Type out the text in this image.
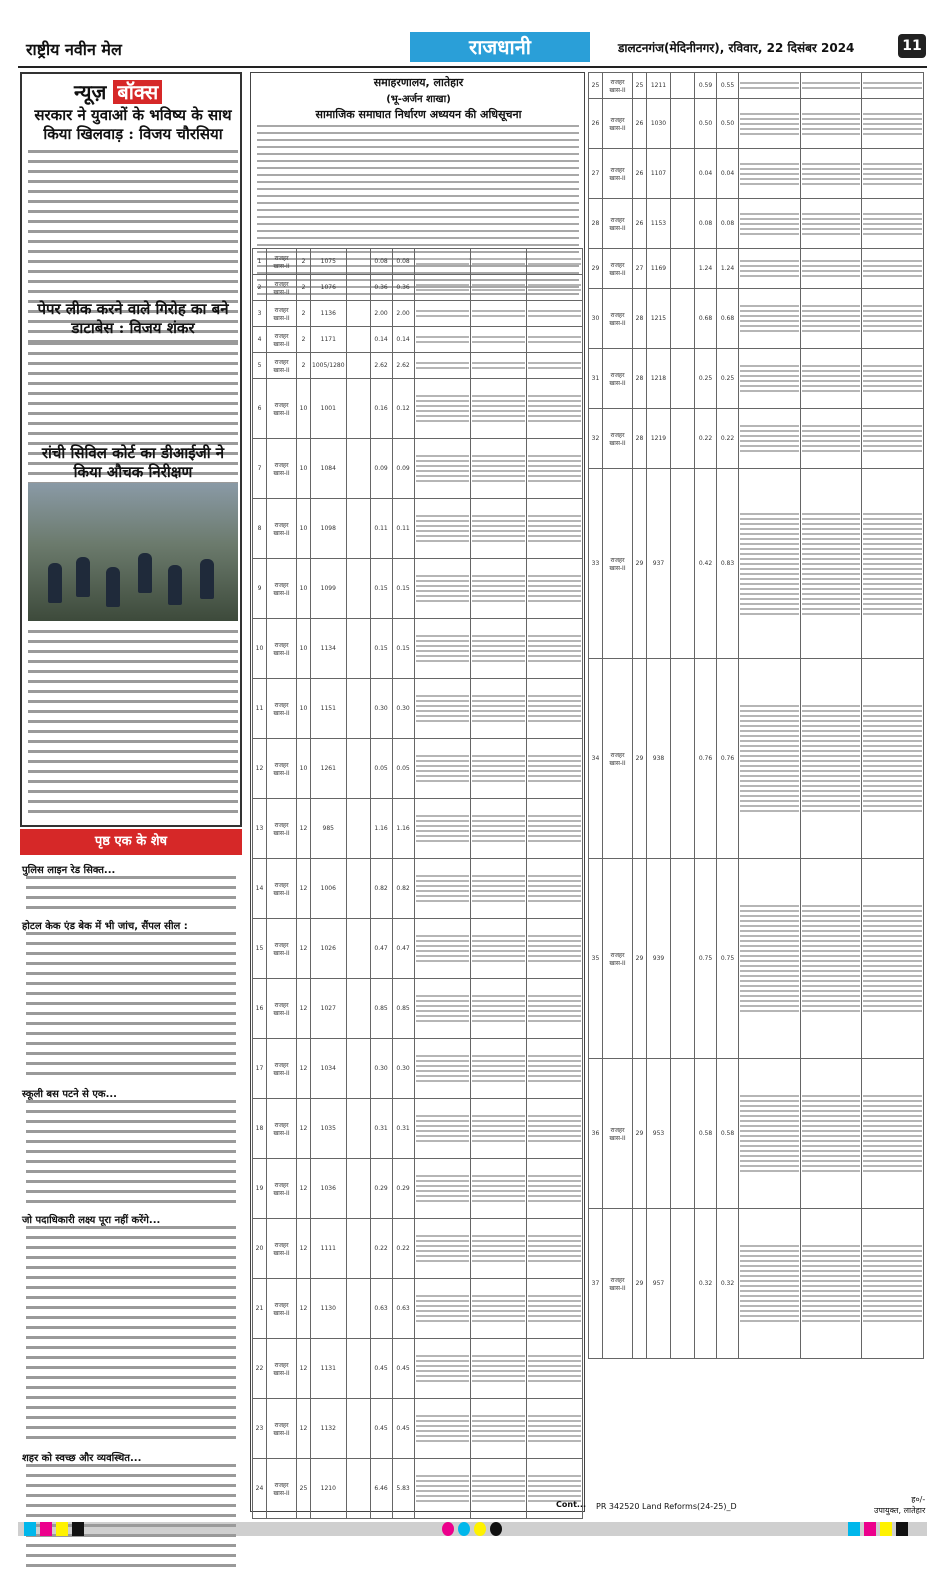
राष्ट्रीय नवीन मेल	राजधानी	डालटनगंज(मेदिनीनगर), रविवार, 22 दिसंबर 2024	11
न्यूज़ बॉक्स
सरकार ने युवाओं के भविष्य के साथ किया खिलवाड़ : विजय चौरसिया
पेपर लीक करने वाले गिरोह का बने डाटाबेस : विजय शंकर
रांची सिविल कोर्ट का डीआईजी ने किया औचक निरीक्षण
पृष्ठ एक के शेष
पुलिस लाइन रेड सिक्त...
होटल केक एंड बेक में भी जांच, सैंपल सील :
स्कूली बस पटने से एक...
जो पदाधिकारी लक्ष्य पूरा नहीं करेंगे...
शहर को स्वच्छ और व्यवस्थित...
समाहरणालय, लातेहार
(भू-अर्जन शाखा)
सामाजिक समाघात निर्धारण अध्ययन की अधिसूचना
1	राजहर खास-II	2	1075		0.08	0.08	

2	राजहर खास-II	2	1076		0.36	0.36	

3	राजहर खास-II	2	1136		2.00	2.00	

4	राजहर खास-II	2	1171		0.14	0.14	

5	राजहर खास-II	2	1005/1280		2.62	2.62	

6	राजहर खास-II	10	1001		0.16	0.12	

7	राजहर खास-II	10	1084		0.09	0.09	

8	राजहर खास-II	10	1098		0.11	0.11	

9	राजहर खास-II	10	1099		0.15	0.15	

10	राजहर खास-II	10	1134		0.15	0.15	

11	राजहर खास-II	10	1151		0.30	0.30	

12	राजहर खास-II	10	1261		0.05	0.05	

13	राजहर खास-II	12	985		1.16	1.16	

14	राजहर खास-II	12	1006		0.82	0.82	

15	राजहर खास-II	12	1026		0.47	0.47	

16	राजहर खास-II	12	1027		0.85	0.85	

17	राजहर खास-II	12	1034		0.30	0.30	

18	राजहर खास-II	12	1035		0.31	0.31	

19	राजहर खास-II	12	1036		0.29	0.29	

20	राजहर खास-II	12	1111		0.22	0.22	

21	राजहर खास-II	12	1130		0.63	0.63	

22	राजहर खास-II	12	1131		0.45	0.45	

23	राजहर खास-II	12	1132		0.45	0.45	

24	राजहर खास-II	25	1210		6.46	5.83	

25	राजहर खास-II	25	1211		0.59	0.55	

26	राजहर खास-II	26	1030		0.50	0.50	

27	राजहर खास-II	26	1107		0.04	0.04	

28	राजहर खास-II	26	1153		0.08	0.08	

29	राजहर खास-II	27	1169		1.24	1.24	

30	राजहर खास-II	28	1215		0.68	0.68	

31	राजहर खास-II	28	1218		0.25	0.25	

32	राजहर खास-II	28	1219		0.22	0.22	

33	राजहर खास-II	29	937		0.42	0.83	

34	राजहर खास-II	29	938		0.76	0.76	

35	राजहर खास-II	29	939		0.75	0.75	

36	राजहर खास-II	29	953		0.58	0.58	

37	राजहर खास-II	29	957		0.32	0.32	

Cont... PR 342520 Land Reforms(24-25)_D
ह०/-
उपायुक्त, लातेहार
